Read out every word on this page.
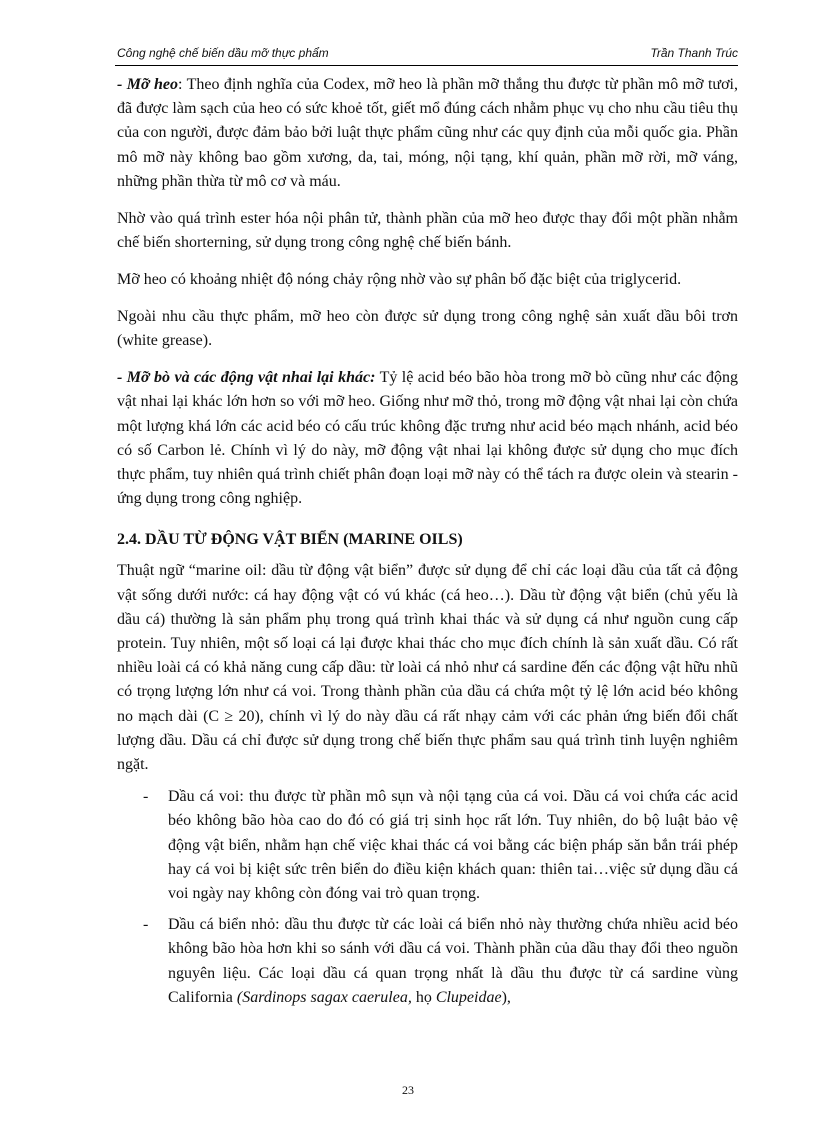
Công nghệ chế biến dầu mỡ thực phẩm	Trần Thanh Trúc

- Mỡ heo: Theo định nghĩa của Codex, mỡ heo là phần mỡ thắng thu được từ phần mô mỡ tươi, đã được làm sạch của heo có sức khoẻ tốt, giết mổ đúng cách nhằm phục vụ cho nhu cầu tiêu thụ của con người, được đảm bảo bởi luật thực phẩm cũng như các quy định của mỗi quốc gia. Phần mô mỡ này không bao gồm xương, da, tai, móng, nội tạng, khí quản, phần mỡ rời, mỡ váng, những phần thừa từ mô cơ và máu.

Nhờ vào quá trình ester hóa nội phân tử, thành phần của mỡ heo được thay đổi một phần nhằm chế biến shorterning, sử dụng trong công nghệ chế biến bánh.

Mỡ heo có khoảng nhiệt độ nóng chảy rộng nhờ vào sự phân bố đặc biệt của triglycerid.

Ngoài nhu cầu thực phẩm, mỡ heo còn được sử dụng trong công nghệ sản xuất dầu bôi trơn (white grease).

- Mỡ bò và các động vật nhai lại khác: Tỷ lệ acid béo bão hòa trong mỡ bò cũng như các động vật nhai lại khác lớn hơn so với mỡ heo. Giống như mỡ thỏ, trong mỡ động vật nhai lại còn chứa một lượng khá lớn các acid béo có cấu trúc không đặc trưng như acid béo mạch nhánh, acid béo có số Carbon lẻ. Chính vì lý do này, mỡ động vật nhai lại không được sử dụng cho mục đích thực phẩm, tuy nhiên quá trình chiết phân đoạn loại mỡ này có thể tách ra được olein và stearin - ứng dụng trong công nghiệp.

2.4. DẦU TỪ ĐỘNG VẬT BIỂN (MARINE OILS)

Thuật ngữ “marine oil: dầu từ động vật biển” được sử dụng để chỉ các loại dầu của tất cả động vật sống dưới nước: cá hay động vật có vú khác (cá heo…). Dầu từ động vật biển (chủ yếu là dầu cá) thường là sản phẩm phụ trong quá trình khai thác và sử dụng cá như nguồn cung cấp protein. Tuy nhiên, một số loại cá lại được khai thác cho mục đích chính là sản xuất dầu. Có rất nhiều loài cá có khả năng cung cấp dầu: từ loài cá nhỏ như cá sardine đến các động vật hữu nhũ có trọng lượng lớn như cá voi. Trong thành phần của dầu cá chứa một tỷ lệ lớn acid béo không no mạch dài (C ≥ 20), chính vì lý do này dầu cá rất nhạy cảm với các phản ứng biến đổi chất lượng dầu. Dầu cá chỉ được sử dụng trong chế biến thực phẩm sau quá trình tinh luyện nghiêm ngặt.

- Dầu cá voi: thu được từ phần mô sụn và nội tạng của cá voi. Dầu cá voi chứa các acid béo không bão hòa cao do đó có giá trị sinh học rất lớn. Tuy nhiên, do bộ luật bảo vệ động vật biển, nhằm hạn chế việc khai thác cá voi bằng các biện pháp săn bắn trái phép hay cá voi bị kiệt sức trên biển do điều kiện khách quan: thiên tai…việc sử dụng dầu cá voi ngày nay không còn đóng vai trò quan trọng.
- Dầu cá biển nhỏ: dầu thu được từ các loài cá biển nhỏ này thường chứa nhiều acid béo không bão hòa hơn khi so sánh với dầu cá voi. Thành phần của dầu thay đổi theo nguồn nguyên liệu. Các loại dầu cá quan trọng nhất là dầu thu được từ cá sardine vùng California (Sardinops sagax caerulea, họ Clupeidae),
23
